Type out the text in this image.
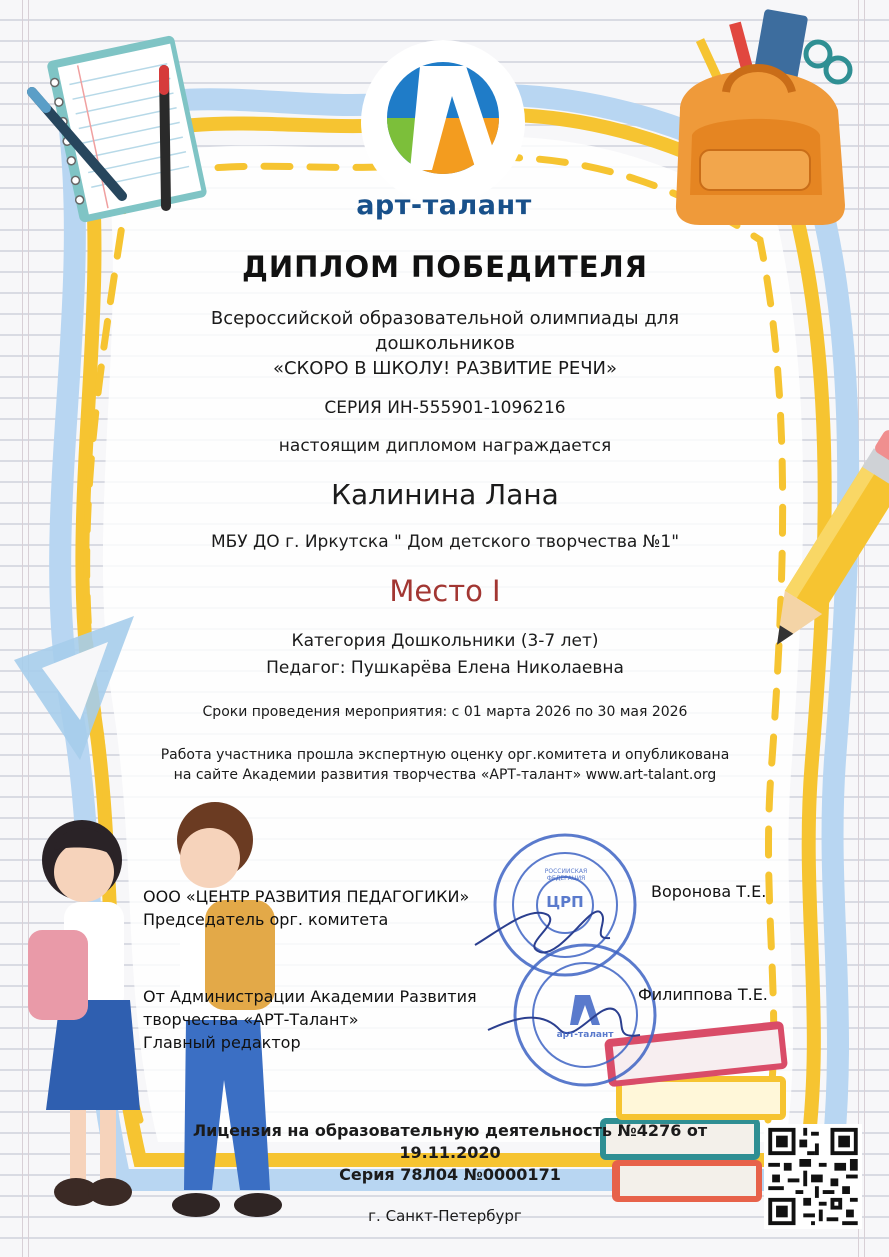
ЦРП
РОССИЙСКАЯ ФЕДЕРАЦИЯ
арт-талант
арт-талант
ДИПЛОМ ПОБЕДИТЕЛЯ
Всероссийской образовательной олимпиады для
дошкольников
«СКОРО В ШКОЛУ! РАЗВИТИЕ РЕЧИ»
СЕРИЯ ИН-555901-1096216
настоящим дипломом награждается
Калинина Лана
МБУ ДО г. Иркутска " Дом детского творчества №1"
Место I
Категория Дошкольники (3-7 лет)
Педагог: Пушкарёва Елена Николаевна
Сроки проведения мероприятия: с 01 марта 2026 по 30 мая 2026
Работа участника прошла экспертную оценку орг.комитета и опубликована
на сайте Академии развития творчества «АРТ-талант» www.art-talant.org
ООО «ЦЕНТР РАЗВИТИЯ ПЕДАГОГИКИ»
Председатель орг. комитета
Воронова Т.Е.
От Администрации Академии Развития
творчества «АРТ-Талант»
Главный редактор
Филиппова Т.Е.
Лицензия на образовательную деятельность №4276 от 19.11.2020
Серия 78Л04 №0000171
г. Санкт-Петербург
